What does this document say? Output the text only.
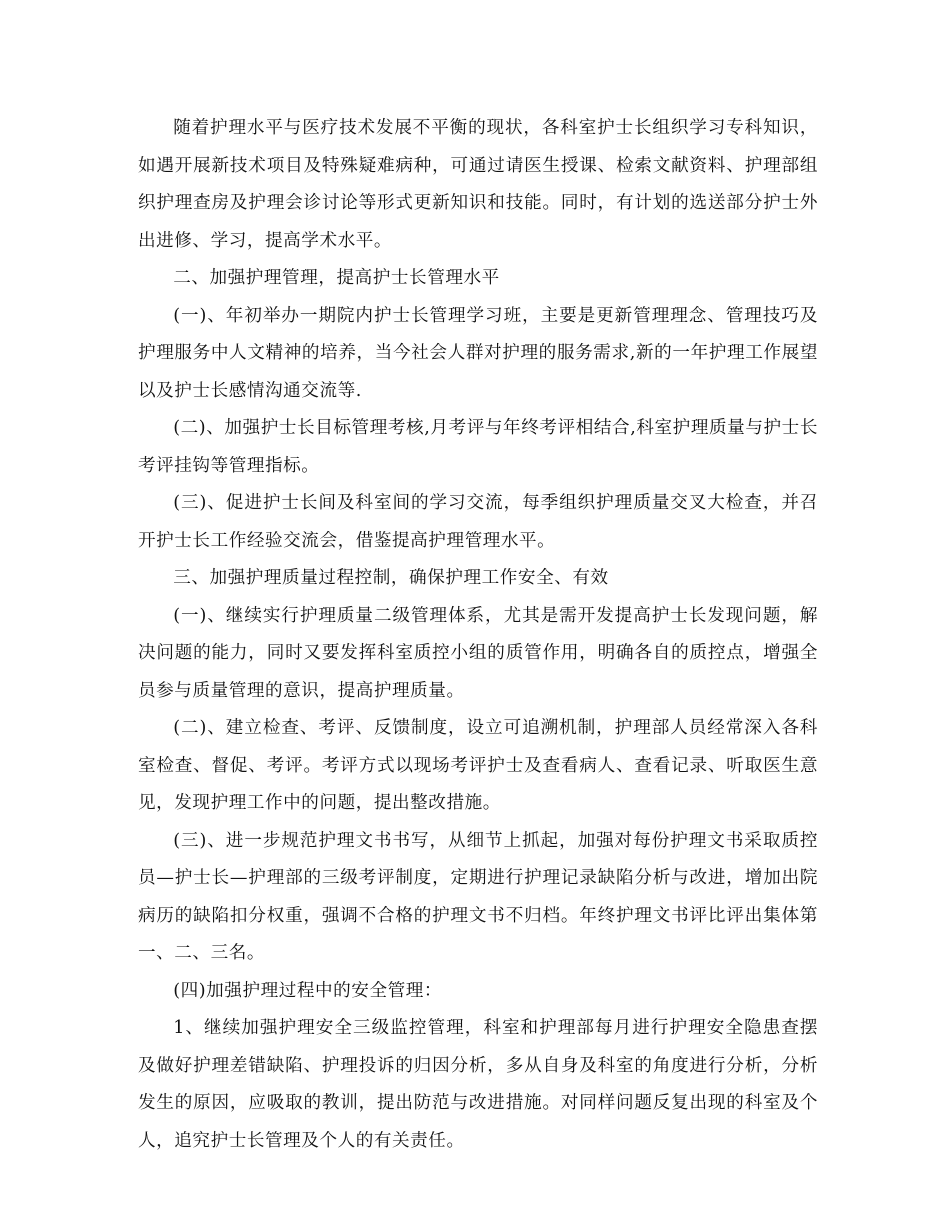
随着护理水平与医疗技术发展不平衡的现状，各科室护士长组织学习专科知识，如遇开展新技术项目及特殊疑难病种，可通过请医生授课、检索文献资料、护理部组织护理查房及护理会诊讨论等形式更新知识和技能。同时，有计划的选送部分护士外出进修、学习，提高学术水平。

二、加强护理管理，提高护士长管理水平

(一)、年初举办一期院内护士长管理学习班，主要是更新管理理念、管理技巧及护理服务中人文精神的培养，当今社会人群对护理的服务需求,新的一年护理工作展望以及护士长感情沟通交流等.

(二)、加强护士长目标管理考核,月考评与年终考评相结合,科室护理质量与护士长考评挂钩等管理指标。

(三)、促进护士长间及科室间的学习交流，每季组织护理质量交叉大检查，并召开护士长工作经验交流会，借鉴提高护理管理水平。

三、加强护理质量过程控制，确保护理工作安全、有效

(一)、继续实行护理质量二级管理体系，尤其是需开发提高护士长发现问题，解决问题的能力，同时又要发挥科室质控小组的质管作用，明确各自的质控点，增强全员参与质量管理的意识，提高护理质量。

(二)、建立检查、考评、反馈制度，设立可追溯机制，护理部人员经常深入各科室检查、督促、考评。考评方式以现场考评护士及查看病人、查看记录、听取医生意见，发现护理工作中的问题，提出整改措施。

(三)、进一步规范护理文书书写，从细节上抓起，加强对每份护理文书采取质控员—护士长—护理部的三级考评制度，定期进行护理记录缺陷分析与改进，增加出院病历的缺陷扣分权重，强调不合格的护理文书不归档。年终护理文书评比评出集体第一、二、三名。

(四)加强护理过程中的安全管理：

1、继续加强护理安全三级监控管理，科室和护理部每月进行护理安全隐患查摆及做好护理差错缺陷、护理投诉的归因分析，多从自身及科室的角度进行分析，分析发生的原因，应吸取的教训，提出防范与改进措施。对同样问题反复出现的科室及个人，追究护士长管理及个人的有关责任。
